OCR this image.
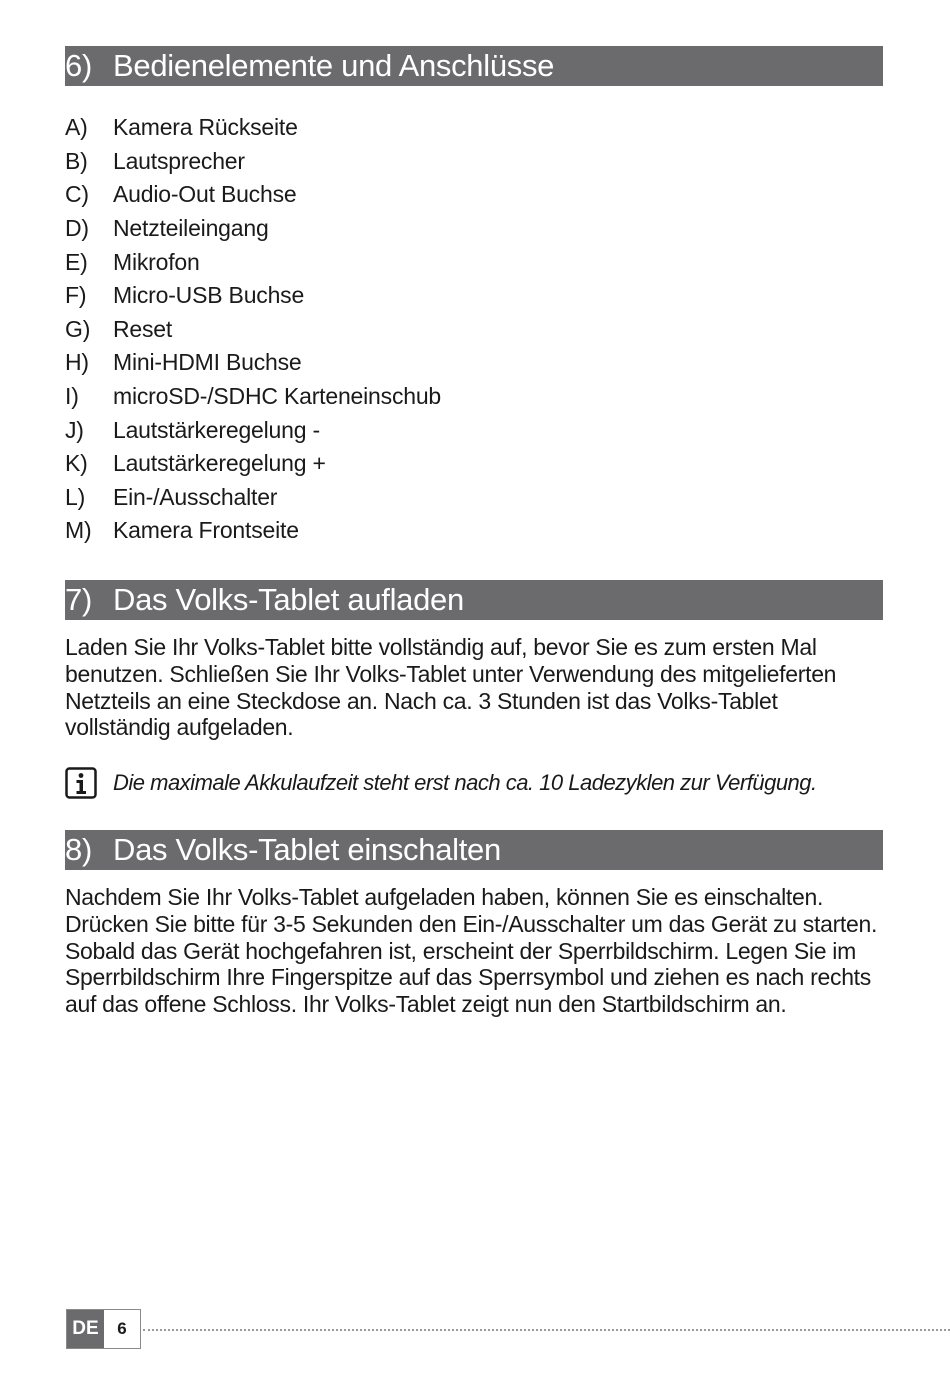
6) Bedienelemente und Anschlüsse
A)	Kamera Rückseite
B)	Lautsprecher
C)	Audio-Out Buchse
D)	Netzteileingang
E)	Mikrofon
F)	Micro-USB Buchse
G) Reset
H)	Mini-HDMI Buchse
I)	microSD-/SDHC Karteneinschub
J)	Lautstärkeregelung -
K)	Lautstärkeregelung +
L)	Ein-/Ausschalter
M) Kamera Frontseite
7) Das Volks-Tablet aufladen

Laden Sie Ihr Volks-Tablet bitte vollständig auf, bevor Sie es zum ersten Mal benutzen. Schließen Sie Ihr Volks-Tablet unter Verwendung des mitgelieferten Netzteils an eine Steckdose an. Nach ca. 3 Stunden ist das Volks-Tablet vollständig aufgeladen.

Die maximale Akkulaufzeit steht erst nach ca. 10 Ladezyklen zur Verfügung.
8) Das Volks-Tablet einschalten

Nachdem Sie Ihr Volks-Tablet aufgeladen haben, können Sie es einschalten. Drücken Sie bitte für 3-5 Sekunden den Ein-/Ausschalter um das Gerät zu starten. Sobald das Gerät hochgefahren ist, erscheint der Sperrbildschirm. Legen Sie im Sperrbildschirm Ihre Fingerspitze auf das Sperrsymbol und ziehen es nach rechts auf das offene Schloss. Ihr Volks-Tablet zeigt nun den Startbildschirm an.

DE	6
